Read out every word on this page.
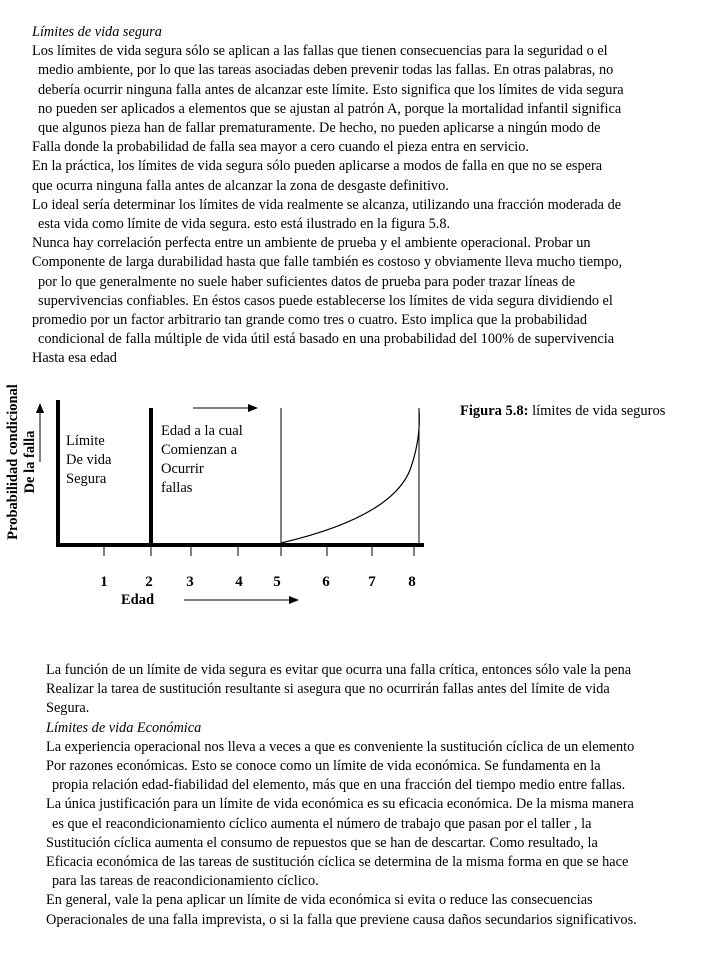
Límites de vida segura

Los límites de vida segura sólo se aplican a las fallas que tienen consecuencias para la seguridad o el

medio ambiente, por lo que las tareas asociadas deben prevenir todas las fallas. En otras palabras, no

debería ocurrir ninguna falla antes de alcanzar este límite. Esto significa que los límites de vida segura

no pueden ser aplicados a elementos que se ajustan al patrón A, porque la mortalidad infantil significa

que algunos pieza han de fallar prematuramente. De hecho, no pueden aplicarse a ningún modo de

Falla donde la probabilidad de falla sea mayor a cero cuando el pieza entra en servicio.

En la práctica, los límites de vida segura sólo pueden aplicarse a modos de falla en que no se espera

que ocurra ninguna falla antes de alcanzar la zona de desgaste definitivo.

Lo ideal sería determinar los límites de vida realmente se alcanza, utilizando una fracción moderada de

esta vida como límite de vida segura. esto está ilustrado en la figura 5.8.

Nunca hay correlación perfecta entre un ambiente de prueba y el ambiente operacional. Probar un

Componente de larga durabilidad hasta que falle también es costoso y obviamente lleva mucho tiempo,

por lo que generalmente no suele haber suficientes datos de prueba para poder trazar líneas de

supervivencias confiables. En éstos casos puede establecerse los límites de vida segura dividiendo el

promedio por un factor arbitrario tan grande como tres o cuatro. Esto implica que la probabilidad

condicional de falla múltiple de vida útil está basado en una probabilidad del 100% de supervivencia

Hasta esa edad

Probabilidad condicional De la falla
Figura 5.8: límites de vida seguros
Límite
De vida
Segura
Edad a la cual
Comienzan a
Ocurrir
fallas
1	2	3	4	5	6	7	8
Edad

La función de un límite de vida segura es evitar que ocurra una falla crítica, entonces sólo vale la pena

Realizar la tarea de sustitución resultante si asegura que no ocurrirán fallas antes del límite de vida

Segura.

Límites de vida Económica

La experiencia operacional nos lleva a veces a que es conveniente la sustitución cíclica de un elemento

Por razones económicas. Esto se conoce como un límite de vida económica. Se fundamenta en la

propia relación edad-fiabilidad del elemento, más que en una fracción del tiempo medio entre fallas.

La única justificación para un límite de vida económica es su eficacia económica. De la misma manera

es que el reacondicionamiento cíclico aumenta el número de trabajo que pasan por el taller , la

Sustitución cíclica aumenta el consumo de repuestos que se han de descartar. Como resultado, la

Eficacia económica de las tareas de sustitución cíclica se determina de la misma forma en que se hace

para las tareas de reacondicionamiento cíclico.

En general, vale la pena aplicar un límite de vida económica si evita o reduce las consecuencias

Operacionales de una falla imprevista, o si la falla que previene causa daños secundarios significativos.
